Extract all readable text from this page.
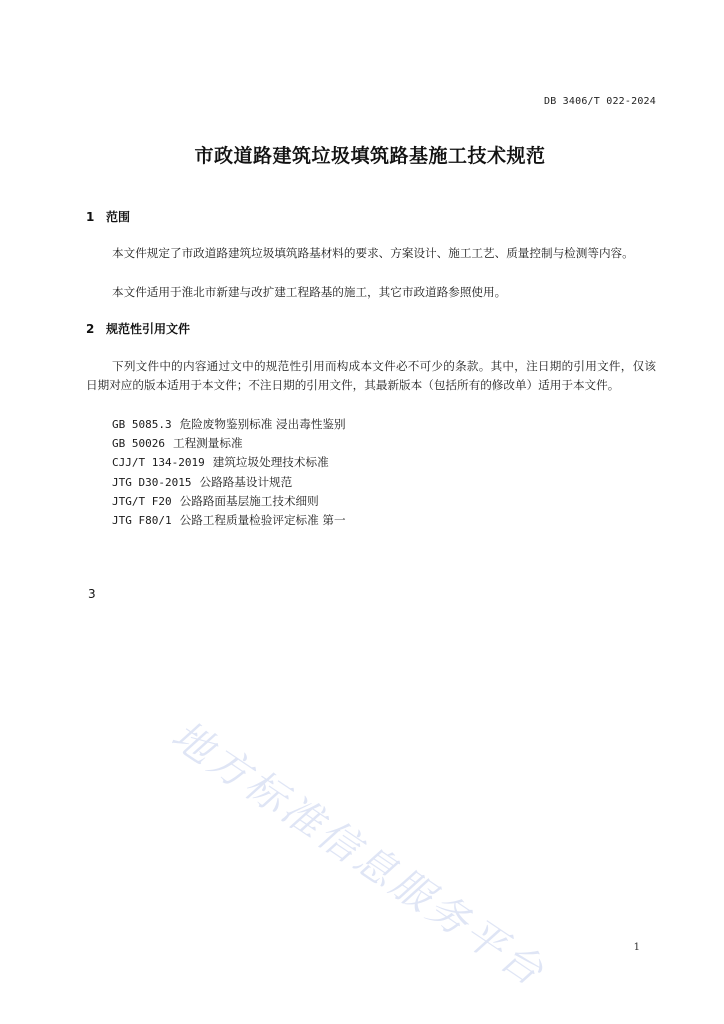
DB 3406/T 022-2024
市政道路建筑垃圾填筑路基施工技术规范
1 范围

本文件规定了市政道路建筑垃圾填筑路基材料的要求、方案设计、施工工艺、质量控制与检测等内容。

本文件适用于淮北市新建与改扩建工程路基的施工，其它市政道路参照使用。

2 规范性引用文件

下列文件中的内容通过文中的规范性引用而构成本文件必不可少的条款。其中，注日期的引用文件，仅该日期对应的版本适用于本文件；不注日期的引用文件，其最新版本（包括所有的修改单）适用于本文件。

GB 5085.3 危险废物鉴别标准 浸出毒性鉴别
GB 50026 工程测量标准
CJJ/T 134-2019 建筑垃圾处理技术标准
JTG D30-2015 公路路基设计规范
JTG/T F20 公路路面基层施工技术细则
JTG F80/1 公路工程质量检验评定标准 第一
3
地方标准信息服务平台	1
